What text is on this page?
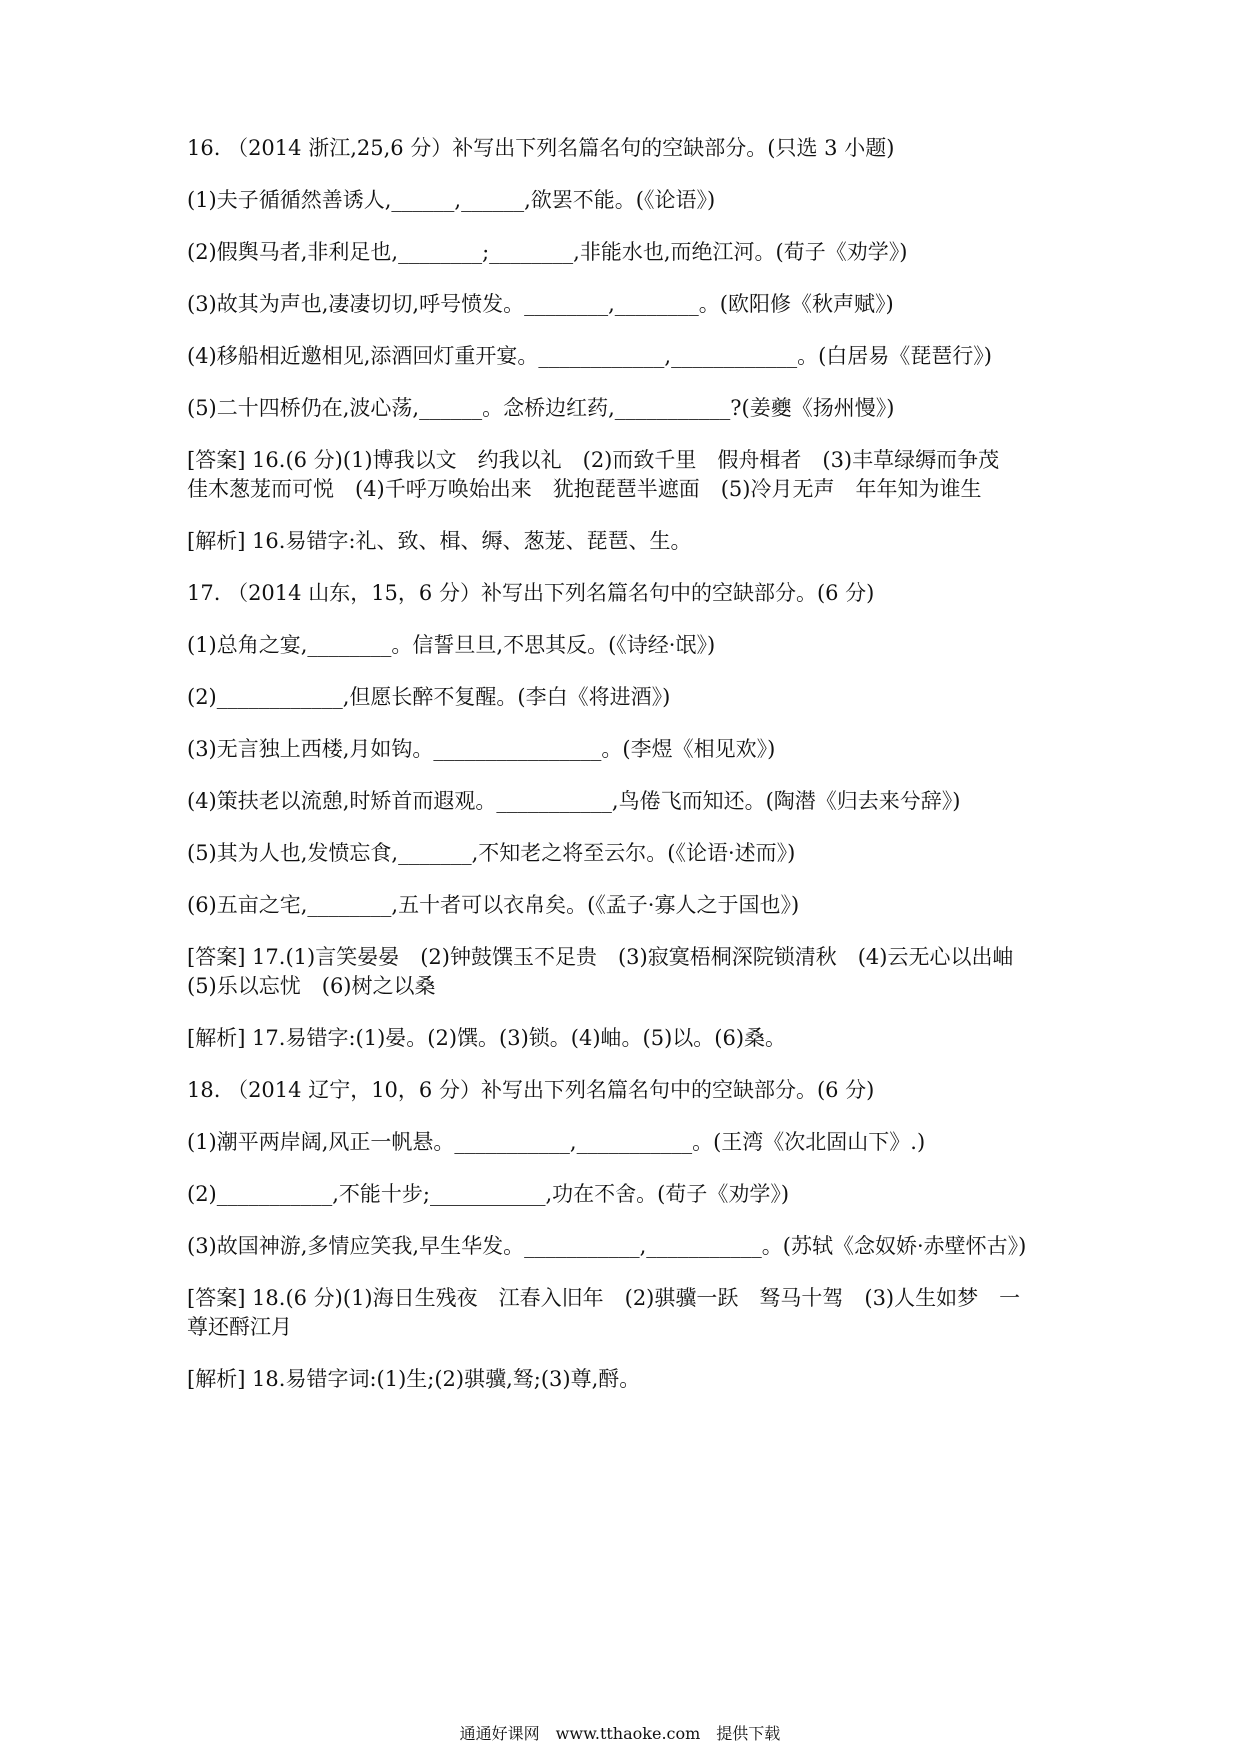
16. （2014 浙江,25,6 分）补写出下列名篇名句的空缺部分。(只选 3 小题)
(1)夫子循循然善诱人,______,______,欲罢不能。(《论语》)
(2)假舆马者,非利足也,________;________,非能水也,而绝江河。(荀子《劝学》)
(3)故其为声也,凄凄切切,呼号愤发。________,________。(欧阳修《秋声赋》)
(4)移船相近邀相见,添酒回灯重开宴。____________,____________。(白居易《琵琶行》)
(5)二十四桥仍在,波心荡,______。念桥边红药,___________?(姜夔《扬州慢》)
[答案] 16.(6 分)(1)博我以文　约我以礼　(2)而致千里　假舟楫者　(3)丰草绿缛而争茂
佳木葱茏而可悦　(4)千呼万唤始出来　犹抱琵琶半遮面　(5)冷月无声　年年知为谁生
[解析] 16.易错字:礼、致、楫、缛、葱茏、琵琶、生。
17. （2014 山东，15，6 分）补写出下列名篇名句中的空缺部分。(6 分)
(1)总角之宴,________。信誓旦旦,不思其反。(《诗经·氓》)
(2)____________,但愿长醉不复醒。(李白《将进酒》)
(3)无言独上西楼,月如钩。________________。(李煜《相见欢》)
(4)策扶老以流憩,时矫首而遐观。___________,鸟倦飞而知还。(陶潜《归去来兮辞》)
(5)其为人也,发愤忘食,_______,不知老之将至云尔。(《论语·述而》)
(6)五亩之宅,________,五十者可以衣帛矣。(《孟子·寡人之于国也》)
[答案] 17.(1)言笑晏晏　(2)钟鼓馔玉不足贵　(3)寂寞梧桐深院锁清秋　(4)云无心以出岫
(5)乐以忘忧　(6)树之以桑
[解析] 17.易错字:(1)晏。(2)馔。(3)锁。(4)岫。(5)以。(6)桑。
18. （2014 辽宁，10，6 分）补写出下列名篇名句中的空缺部分。(6 分)
(1)潮平两岸阔,风正一帆悬。___________,___________。(王湾《次北固山下》.)
(2)___________,不能十步;___________,功在不舍。(荀子《劝学》)
(3)故国神游,多情应笑我,早生华发。___________,___________。(苏轼《念奴娇·赤壁怀古》)
[答案] 18.(6 分)(1)海日生残夜　江春入旧年　(2)骐骥一跃　驽马十驾　(3)人生如梦　一
尊还酹江月
[解析] 18.易错字词:(1)生;(2)骐骥,驽;(3)尊,酹。
通通好课网　www.tthaoke.com　提供下载
